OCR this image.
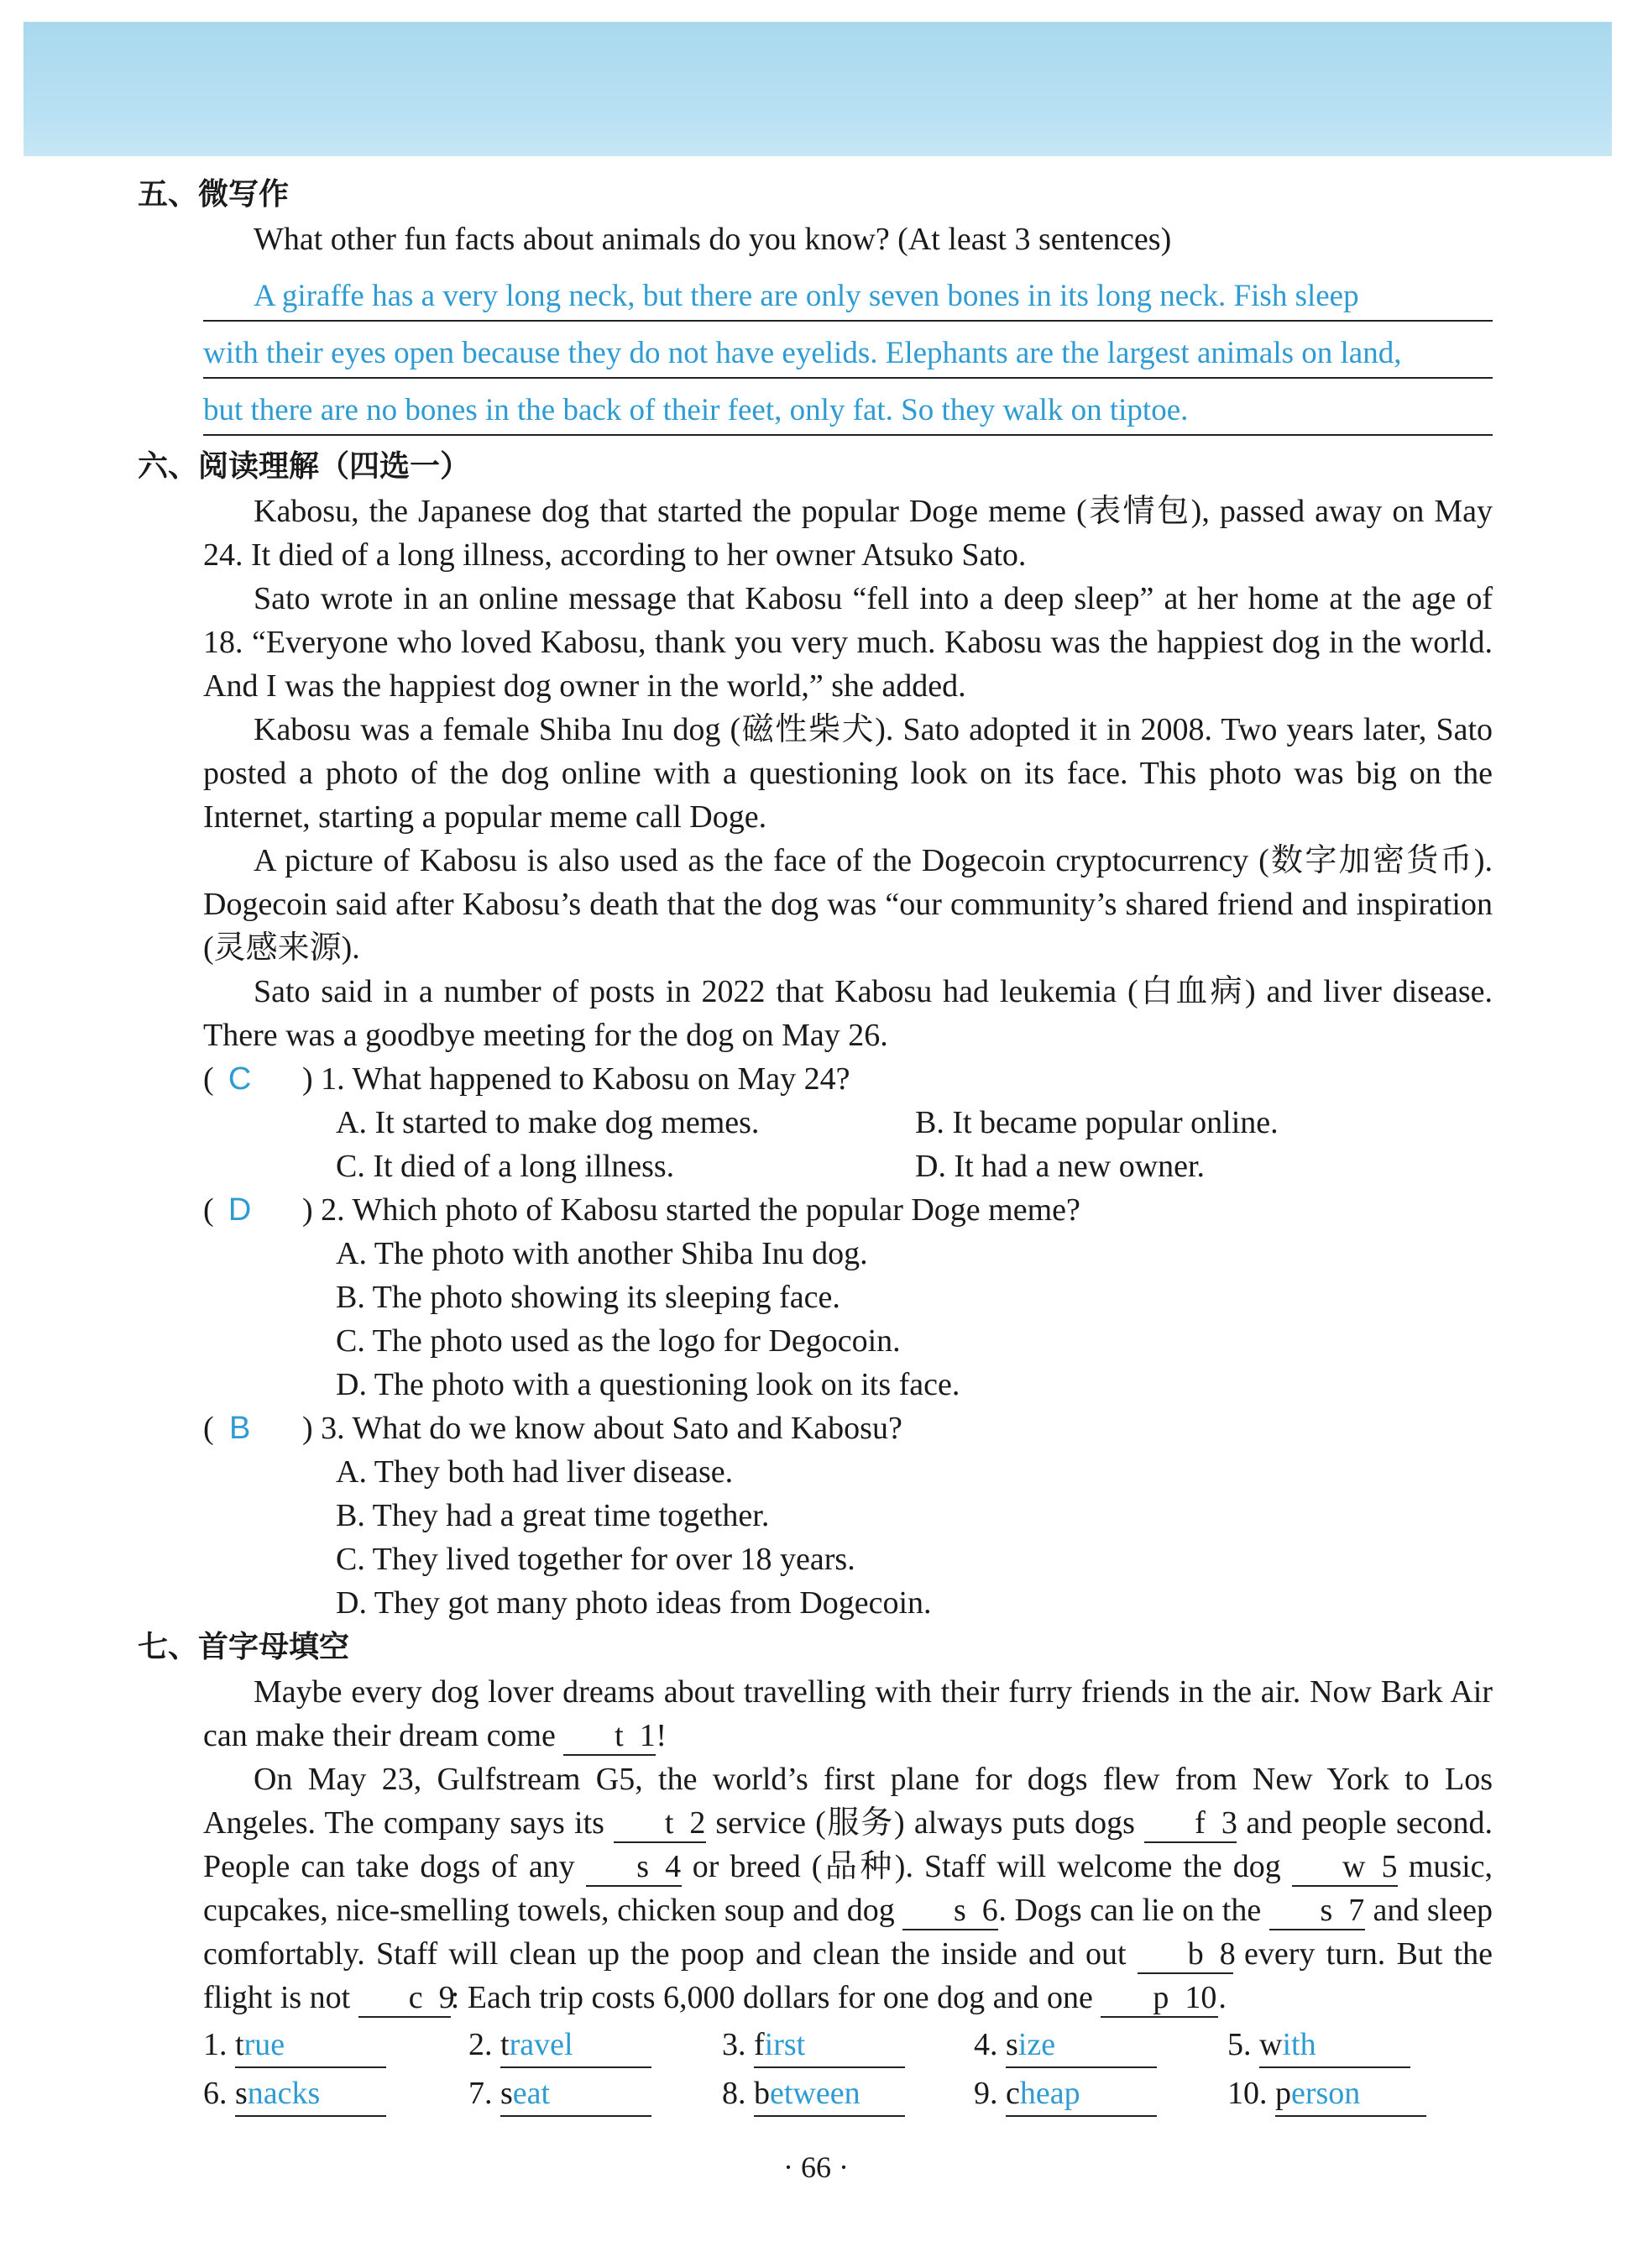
五、微写作
What other fun facts about animals do you know? (At least 3 sentences)
A giraffe has a very long neck, but there are only seven bones in its long neck. Fish sleep
with their eyes open because they do not have eyelids. Elephants are the largest animals on land,
but there are no bones in the back of their feet, only fat. So they walk on tiptoe.
六、阅读理解（四选一）
Kabosu, the Japanese dog that started the popular Doge meme (表情包), passed away on May 24. It died of a long illness, according to her owner Atsuko Sato.
Sato wrote in an online message that Kabosu “fell into a deep sleep” at her home at the age of 18. “Everyone who loved Kabosu, thank you very much. Kabosu was the happiest dog in the world. And I was the happiest dog owner in the world,” she added.
Kabosu was a female Shiba Inu dog (磁性柴犬). Sato adopted it in 2008. Two years later, Sato posted a photo of the dog online with a questioning look on its face. This photo was big on the Internet, starting a popular meme call Doge.
A picture of Kabosu is also used as the face of the Dogecoin cryptocurrency (数字加密货币). Dogecoin said after Kabosu’s death that the dog was “our community’s shared friend and inspiration (灵感来源).
Sato said in a number of posts in 2022 that Kabosu had leukemia (白血病) and liver disease. There was a goodbye meeting for the dog on May 26.
( C	) 1. What happened to Kabosu on May 24?
A. It started to make dog memes.	B. It became popular online.
C. It died of a long illness.	D. It had a new owner.
( D	) 2. Which photo of Kabosu started the popular Doge meme?
A. The photo with another Shiba Inu dog.
B. The photo showing its sleeping face.
C. The photo used as the logo for Degocoin.
D. The photo with a questioning look on its face.
( B	) 3. What do we know about Sato and Kabosu?
A. They both had liver disease.
B. They had a great time together.
C. They lived together for over 18 years.
D. They got many photo ideas from Dogecoin.
七、首字母填空
Maybe every dog lover dreams about travelling with their furry friends in the air. Now Bark Air can make their dream come t 1!
On May 23, Gulfstream G5, the world’s first plane for dogs flew from New York to Los Angeles. The company says its t 2 service (服务) always puts dogs f 3 and people second. People can take dogs of any s 4 or breed (品种). Staff will welcome the dog w 5 music, cupcakes, nice-smelling towels, chicken soup and dog s 6. Dogs can lie on the s 7 and sleep comfortably. Staff will clean up the poop and clean the inside and out b 8 every turn. But the flight is not c 9: Each trip costs 6,000 dollars for one dog and one p 10.
1. true	2. travel	3. first	4. size	5. with
6. snacks	7. seat	8. between	9. cheap	10. person
· 66 ·
